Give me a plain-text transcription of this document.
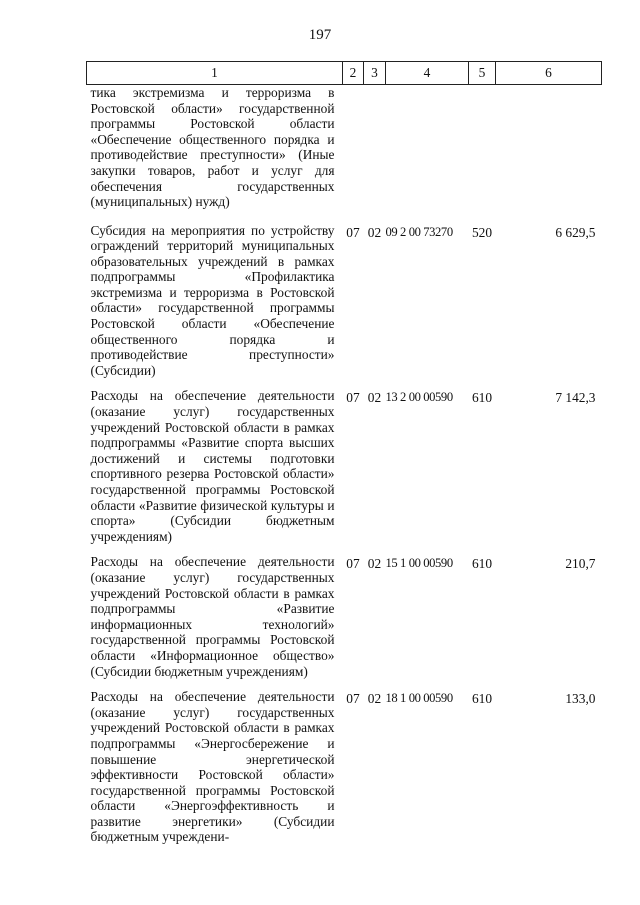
197
1	2	3	4	5	6
тика экстремизма и терроризма в Ростовской области» государственной программы Ростовской области «Обеспечение общественного порядка и противодействие преступности» (Иные закупки товаров, работ и услуг для обеспечения государственных (муниципальных) нужд)					
Субсидия на мероприятия по устройству ограждений территорий муниципальных образовательных учреждений в рамках подпрограммы «Профилактика экстремизма и терроризма в Ростовской области» государственной программы Ростовской области «Обеспечение общественного порядка и противодействие преступности» (Субсидии)	07	02	09 2 00 73270	520	6 629,5
Расходы на обеспечение деятельности (оказание услуг) государственных учреждений Ростовской области в рамках подпрограммы «Развитие спорта высших достижений и системы подготовки спортивного резерва Ростовской области» государственной программы Ростовской области «Развитие физической культуры и спорта» (Субсидии бюджетным учреждениям)	07	02	13 2 00 00590	610	7 142,3
Расходы на обеспечение деятельности (оказание услуг) государственных учреждений Ростовской области в рамках подпрограммы «Развитие информационных технологий» государственной программы Ростовской области «Информационное общество» (Субсидии бюджетным учреждениям)	07	02	15 1 00 00590	610	210,7
Расходы на обеспечение деятельности (оказание услуг) государственных учреждений Ростовской области в рамках подпрограммы «Энергосбережение и повышение энергетической эффективности Ростовской области» государственной программы Ростовской области «Энергоэффективность и развитие энергетики» (Субсидии бюджетным учреждени-	07	02	18 1 00 00590	610	133,0
